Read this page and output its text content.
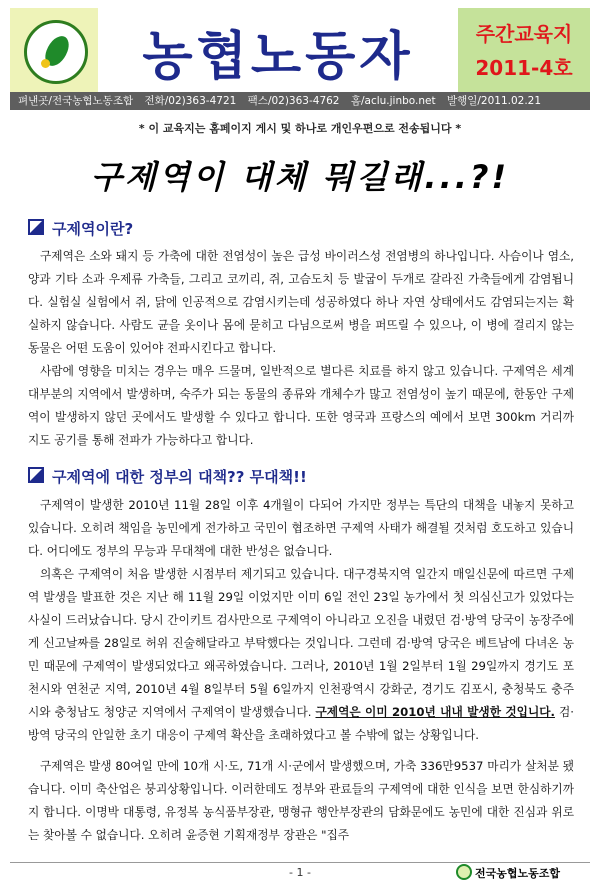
농협노동자	주간교육지
2011-4호
펴낸곳/전국농협노동조합 전화/02)363-4721 팩스/02)363-4762 홈/aclu.jinbo.net 발행일/2011.02.21
* 이 교육지는 홈페이지 게시 및 하나로 개인우편으로 전송됩니다 *
구제역이 대체 뭐길래...?!
구제역이란?

구제역은 소와 돼지 등 가축에 대한 전염성이 높은 급성 바이러스성 전염병의 하나입니다. 사슴이나 염소, 양과 기타 소과 우제류 가축들, 그리고 코끼리, 쥐, 고슴도치 등 발굽이 두개로 갈라진 가축들에게 감염됩니다. 실험실 실험에서 쥐, 닭에 인공적으로 감염시키는데 성공하였다 하나 자연 상태에서도 감염되는지는 확실하지 않습니다. 사람도 균을 옷이나 몸에 묻히고 다님으로써 병을 퍼뜨릴 수 있으나, 이 병에 걸리지 않는 동물은 어떤 도움이 있어야 전파시킨다고 합니다.

사람에 영향을 미치는 경우는 매우 드물며, 일반적으로 별다른 치료를 하지 않고 있습니다. 구제역은 세계 대부분의 지역에서 발생하며, 숙주가 되는 동물의 종류와 개체수가 많고 전염성이 높기 때문에, 한동안 구제역이 발생하지 않던 곳에서도 발생할 수 있다고 합니다. 또한 영국과 프랑스의 예에서 보면 300km 거리까지도 공기를 통해 전파가 가능하다고 합니다.

구제역에 대한 정부의 대책?? 무대책!!

구제역이 발생한 2010년 11월 28일 이후 4개월이 다되어 가지만 정부는 특단의 대책을 내놓지 못하고 있습니다. 오히려 책임을 농민에게 전가하고 국민이 협조하면 구제역 사태가 해결될 것처럼 호도하고 있습니다. 어디에도 정부의 무능과 무대책에 대한 반성은 없습니다.

의혹은 구제역이 처음 발생한 시점부터 제기되고 있습니다. 대구경북지역 일간지 매일신문에 따르면 구제역 발생을 발표한 것은 지난 해 11월 29일 이었지만 이미 6일 전인 23일 농가에서 첫 의심신고가 있었다는 사실이 드러났습니다. 당시 간이키트 검사만으로 구제역이 아니라고 오진을 내렸던 검·방역 당국이 농장주에게 신고날짜를 28일로 허위 진술해달라고 부탁했다는 것입니다. 그런데 검·방역 당국은 베트남에 다녀온 농민 때문에 구제역이 발생되었다고 왜곡하였습니다. 그러나, 2010년 1월 2일부터 1월 29일까지 경기도 포천시와 연천군 지역, 2010년 4월 8일부터 5월 6일까지 인천광역시 강화군, 경기도 김포시, 충청북도 충주시와 충청남도 청양군 지역에서 구제역이 발생했습니다. 구제역은 이미 2010년 내내 발생한 것입니다. 검·방역 당국의 안일한 초기 대응이 구제역 확산을 초래하였다고 볼 수밖에 없는 상황입니다.

구제역은 발생 80여일 만에 10개 시·도, 71개 시·군에서 발생했으며, 가축 336만9537 마리가 살처분 됐습니다. 이미 축산업은 붕괴상황입니다. 이러한데도 정부와 관료들의 구제역에 대한 인식을 보면 한심하기까지 합니다. 이명박 대통령, 유정복 농식품부장관, 맹형규 행안부장관의 담화문에도 농민에 대한 진심과 위로는 찾아볼 수 없습니다. 오히려 윤증현 기획재정부 장관은 "집주

- 1 -	전국농협노동조합
